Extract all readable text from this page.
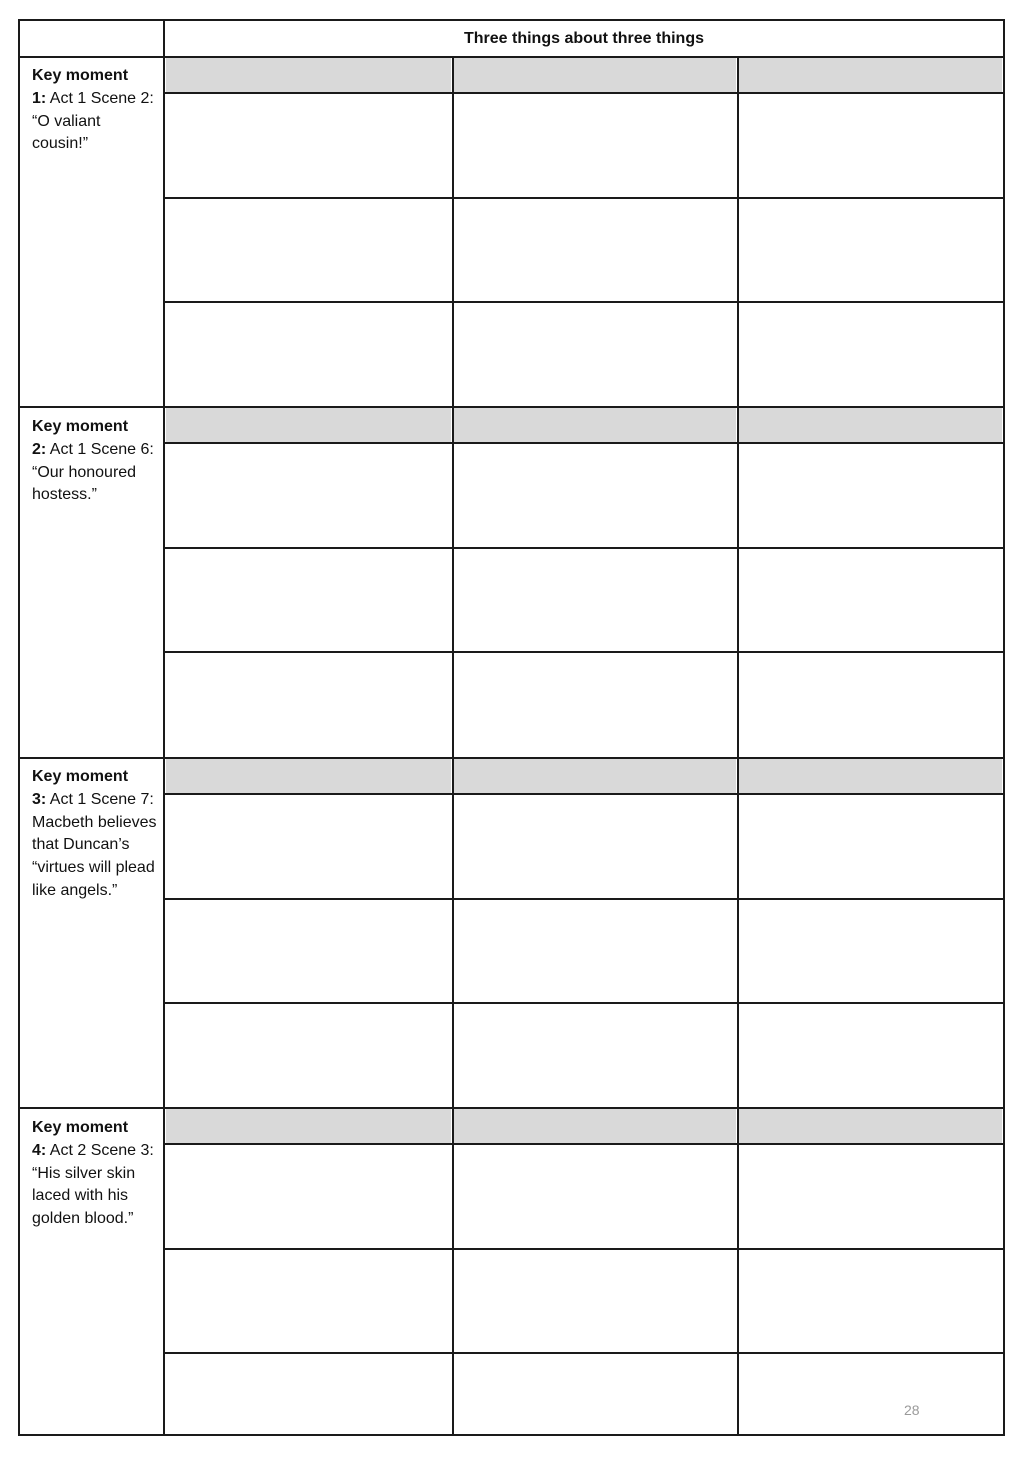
Three things about three things
Key moment
1: Act 1 Scene 2: “O valiant cousin!”
Key moment
2: Act 1 Scene 6: “Our honoured hostess.”
Key moment
3: Act 1 Scene 7: Macbeth believes that Duncan’s “virtues will plead like angels.”
Key moment
4: Act 2 Scene 3: “His silver skin laced with his golden blood.”
28
